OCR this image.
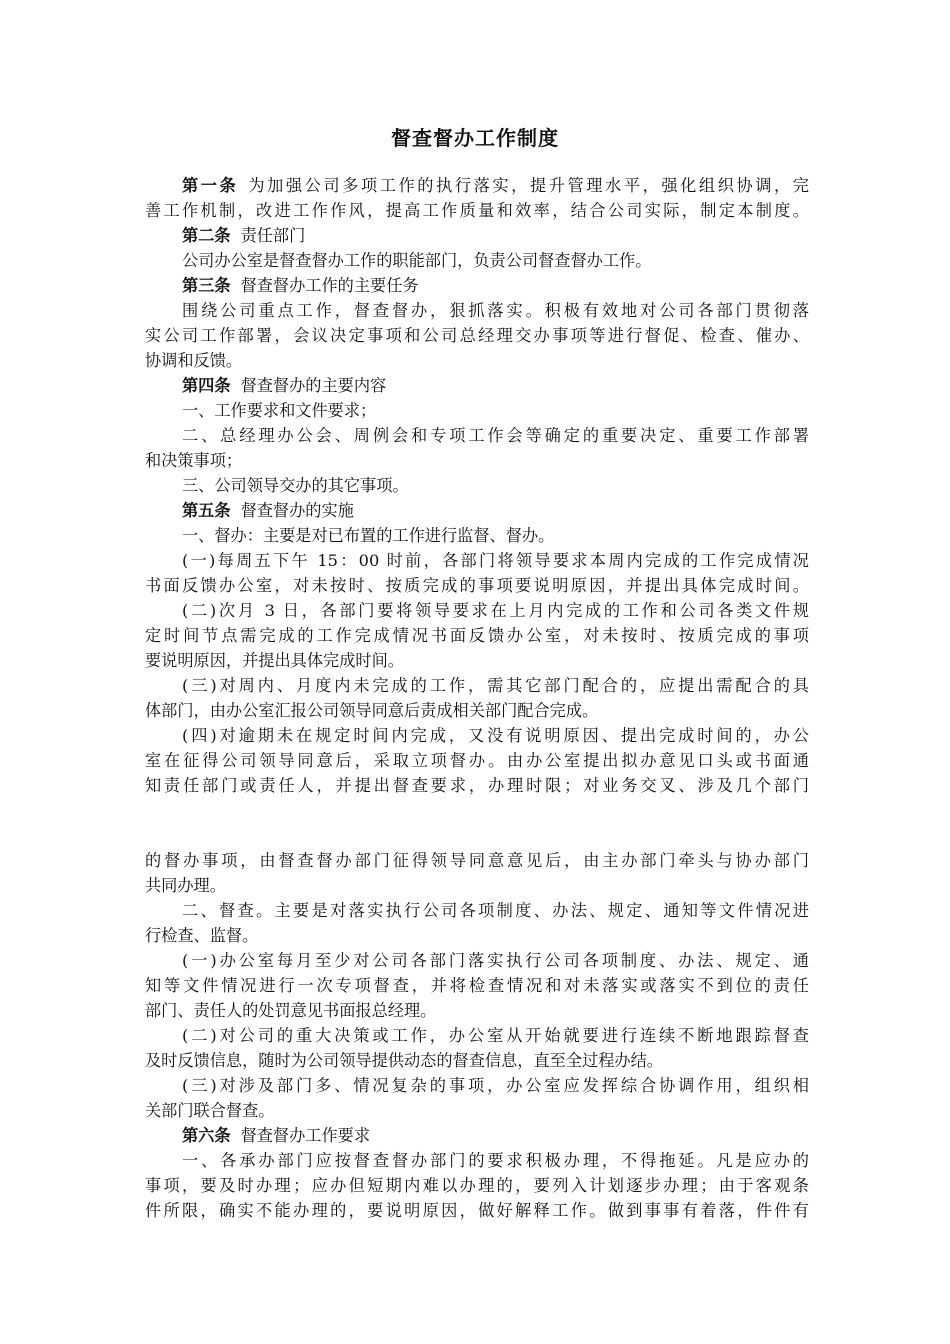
督查督办工作制度
第一条 为加强公司多项工作的执行落实，提升管理水平，强化组织协调，完
善工作机制，改进工作作风，提高工作质量和效率，结合公司实际，制定本制度。
第二条 责任部门
公司办公室是督查督办工作的职能部门，负责公司督查督办工作。
第三条 督查督办工作的主要任务
围绕公司重点工作，督查督办，狠抓落实。积极有效地对公司各部门贯彻落
实公司工作部署，会议决定事项和公司总经理交办事项等进行督促、检查、催办、
协调和反馈。
第四条 督查督办的主要内容
一、工作要求和文件要求；
二、总经理办公会、周例会和专项工作会等确定的重要决定、重要工作部署
和决策事项；
三、公司领导交办的其它事项。
第五条 督查督办的实施
一、督办：主要是对已布置的工作进行监督、督办。
(一)每周五下午 15：00 时前，各部门将领导要求本周内完成的工作完成情况
书面反馈办公室，对未按时、按质完成的事项要说明原因，并提出具体完成时间。
(二)次月 3 日，各部门要将领导要求在上月内完成的工作和公司各类文件规
定时间节点需完成的工作完成情况书面反馈办公室，对未按时、按质完成的事项
要说明原因，并提出具体完成时间。
(三)对周内、月度内未完成的工作，需其它部门配合的，应提出需配合的具
体部门，由办公室汇报公司领导同意后责成相关部门配合完成。
(四)对逾期未在规定时间内完成，又没有说明原因、提出完成时间的，办公
室在征得公司领导同意后，采取立项督办。由办公室提出拟办意见口头或书面通
知责任部门或责任人，并提出督查要求，办理时限；对业务交叉、涉及几个部门
的督办事项，由督查督办部门征得领导同意意见后，由主办部门牵头与协办部门
共同办理。
二、督查。主要是对落实执行公司各项制度、办法、规定、通知等文件情况进
行检查、监督。
(一)办公室每月至少对公司各部门落实执行公司各项制度、办法、规定、通
知等文件情况进行一次专项督查，并将检查情况和对未落实或落实不到位的责任
部门、责任人的处罚意见书面报总经理。
(二)对公司的重大决策或工作，办公室从开始就要进行连续不断地跟踪督查
及时反馈信息，随时为公司领导提供动态的督查信息，直至全过程办结。
(三)对涉及部门多、情况复杂的事项，办公室应发挥综合协调作用，组织相
关部门联合督查。
第六条 督查督办工作要求
一、各承办部门应按督查督办部门的要求积极办理，不得拖延。凡是应办的
事项，要及时办理；应办但短期内难以办理的，要列入计划逐步办理；由于客观条
件所限，确实不能办理的，要说明原因，做好解释工作。做到事事有着落，件件有
